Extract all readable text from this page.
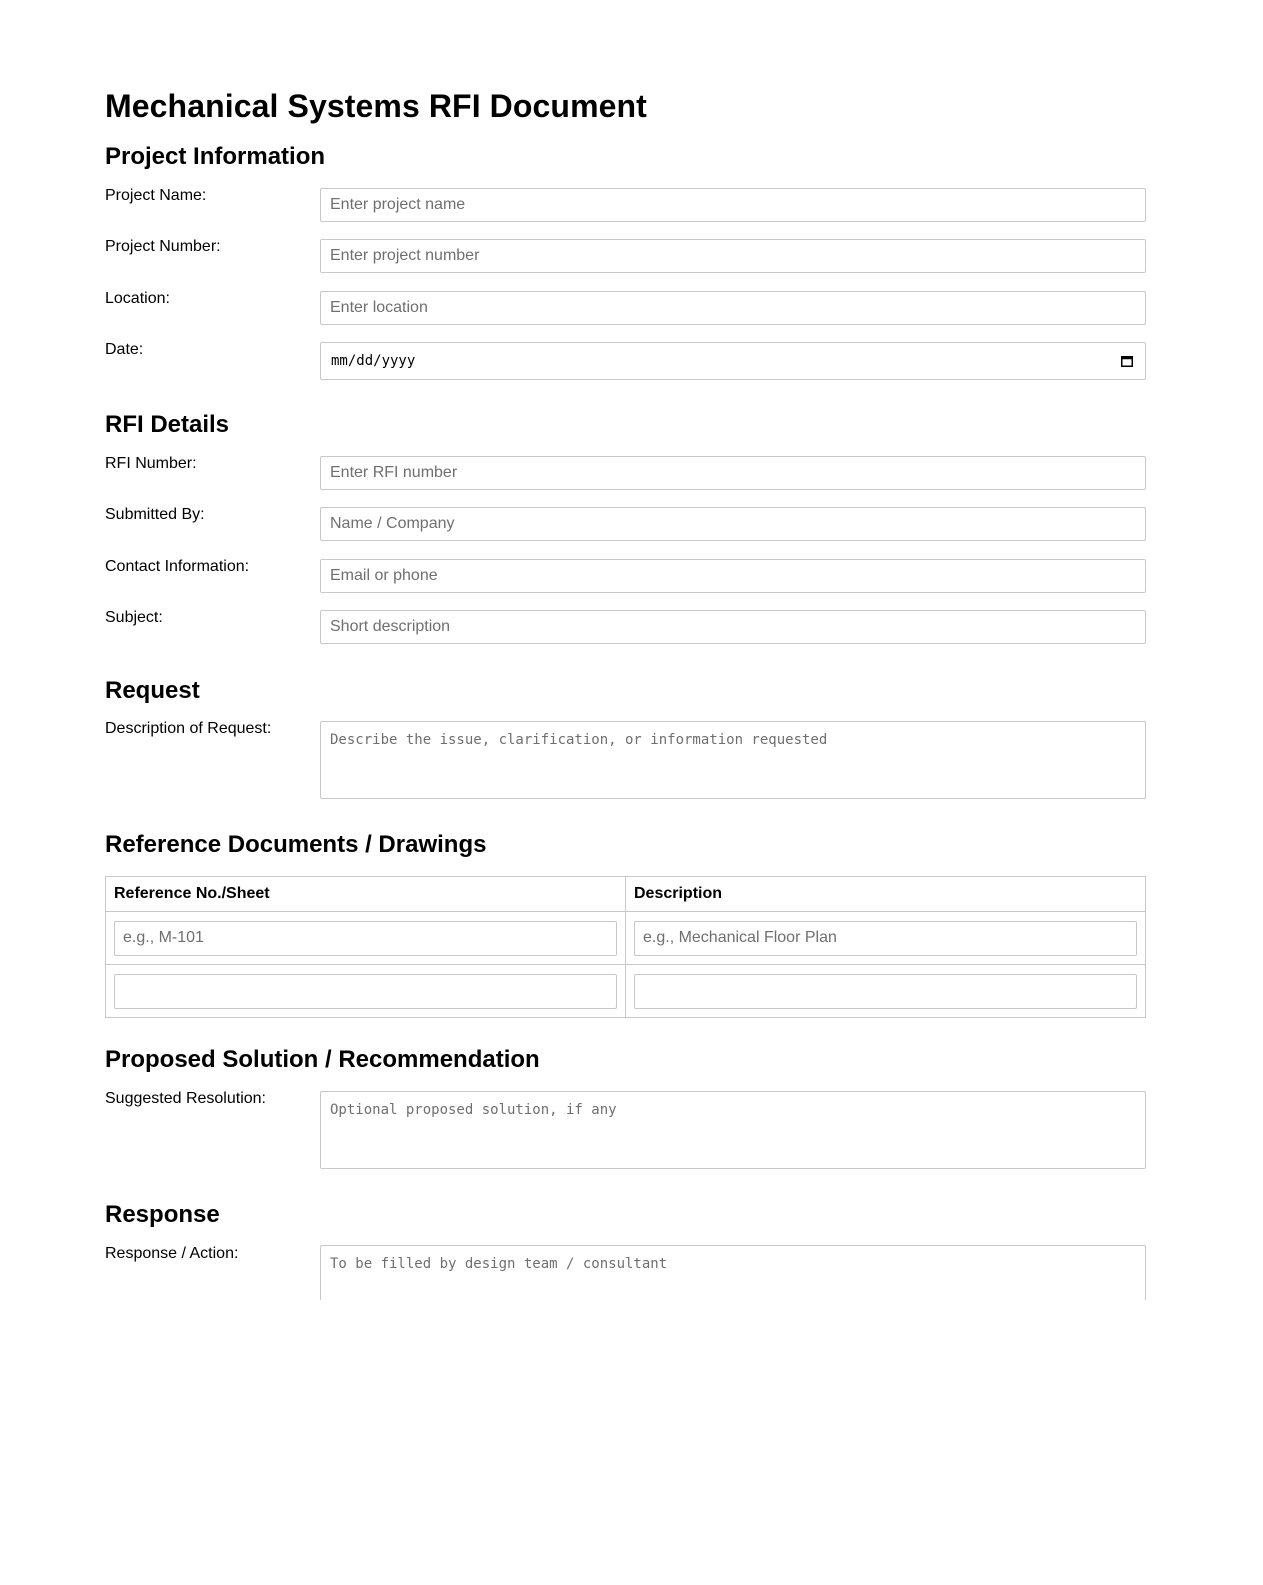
Mechanical Systems RFI Document
Project Information
Project Name:
Enter project name
Project Number:
Enter project number
Location:
Enter location
Date:
mm/dd/yyyy
RFI Details
RFI Number:
Enter RFI number
Submitted By:
Name / Company
Contact Information:
Email or phone
Subject:
Short description
Request
Description of Request:
Describe the issue, clarification, or information requested
Reference Documents / Drawings
Reference No./Sheet	Description
e.g., M-101	e.g., Mechanical Floor Plan

Proposed Solution / Recommendation
Suggested Resolution:
Optional proposed solution, if any
Response
Response / Action:
To be filled by design team / consultant
